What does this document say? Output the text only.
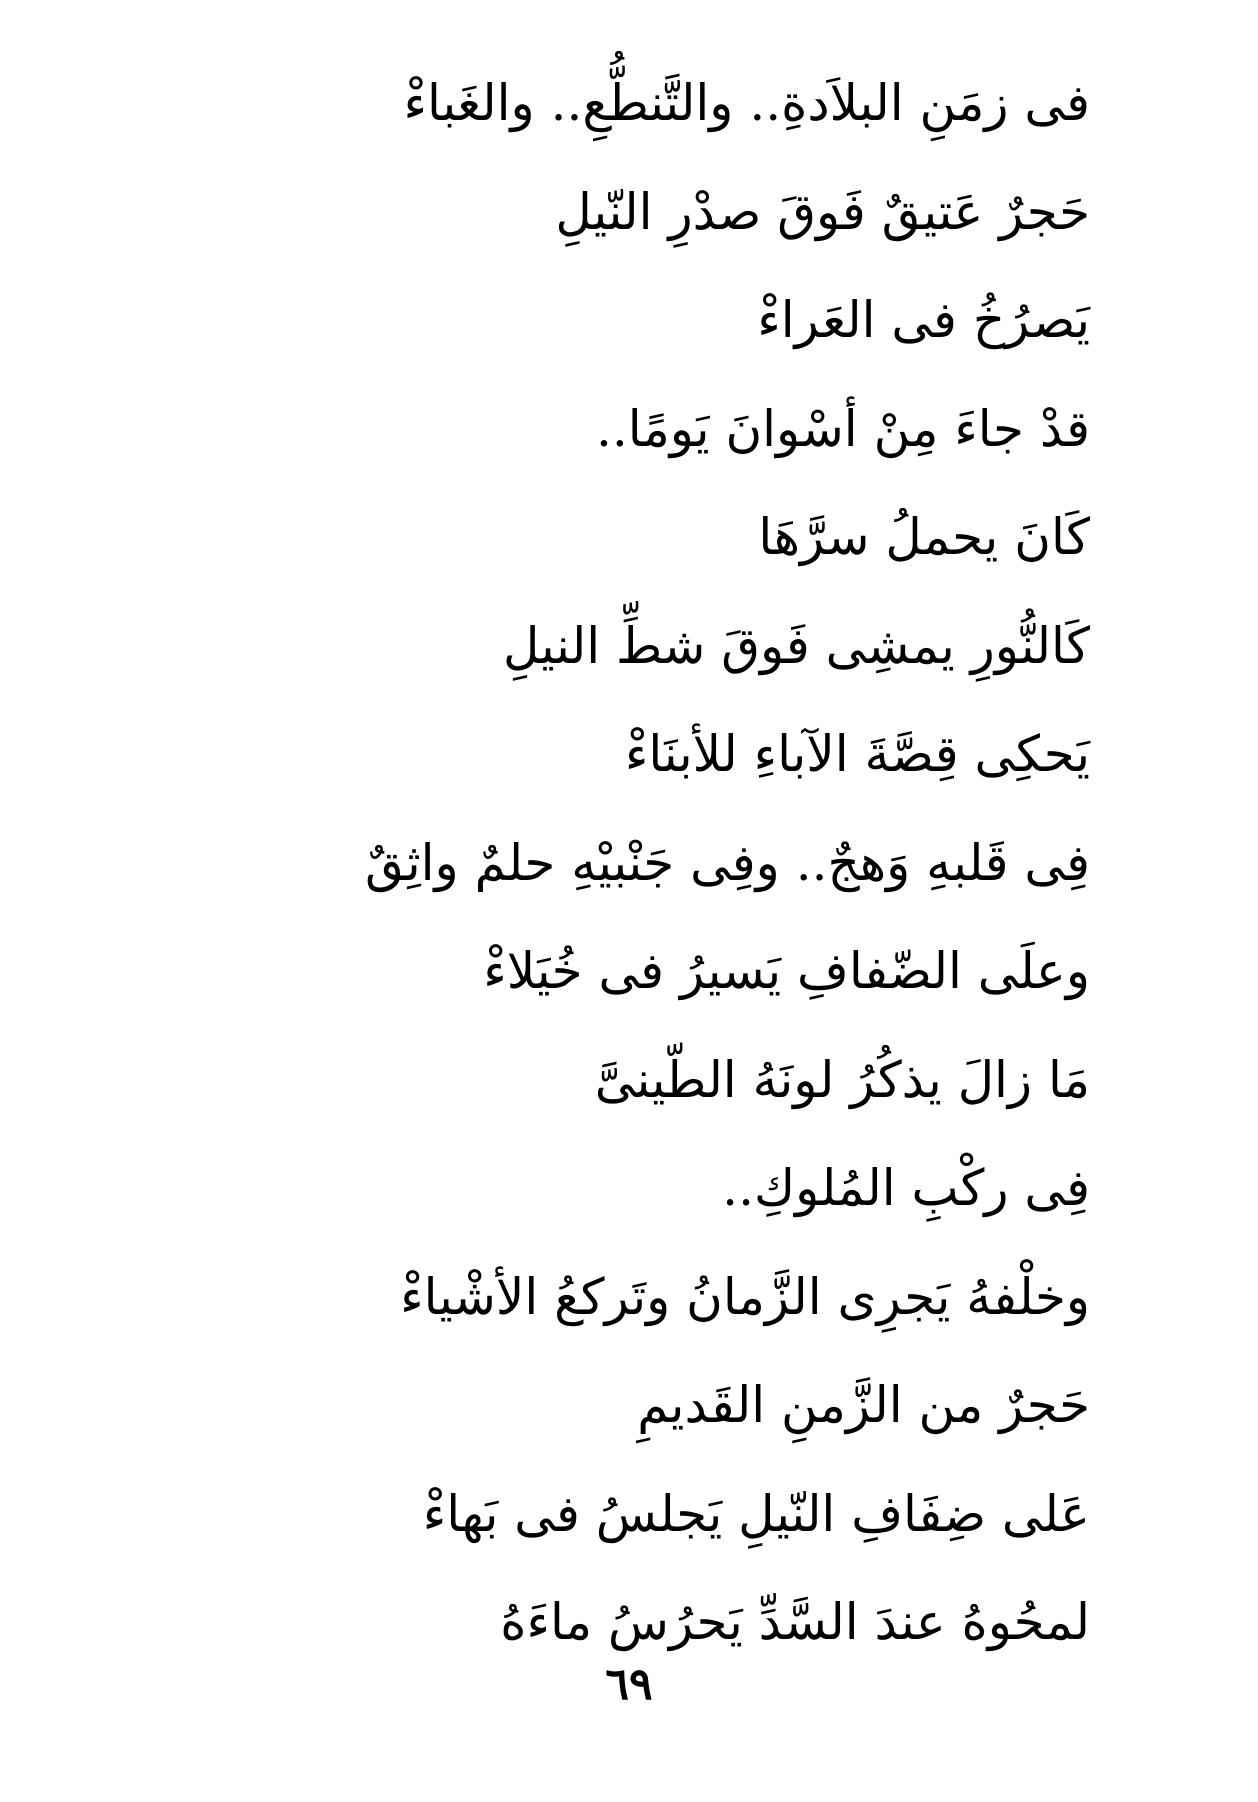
فى زمَنِ البلاَدةِ.. والتَّنطُّعِ.. والغَباءْ
حَجرٌ عَتيقٌ فَوقَ صدْرِ النّيلِ
يَصرُخُ فى العَراءْ
قدْ جاءَ مِنْ أسْوانَ يَومًا..
كَانَ يحملُ سرَّهَا
كَالنُّورِ يمشِى فَوقَ شطِّ النيلِ
يَحكِى قِصَّةَ الآباءِ للأبنَاءْ
فِى قَلبهِ وَهجٌ.. وفِى جَنْبيْهِ حلمٌ واثِقٌ
وعلَى الضّفافِ يَسيرُ فى خُيَلاءْ
مَا زالَ يذكُرُ لونَهُ الطّينىَّ
فِى ركْبِ المُلوكِ..
وخلْفهُ يَجرِى الزَّمانُ وتَركعُ الأشْياءْ
حَجرٌ من الزَّمنِ القَديمِ
عَلى ضِفَافِ النّيلِ يَجلسُ فى بَهاءْ
لمحُوهُ عندَ السَّدِّ يَحرُسُ ماءَهُ
٦٩
